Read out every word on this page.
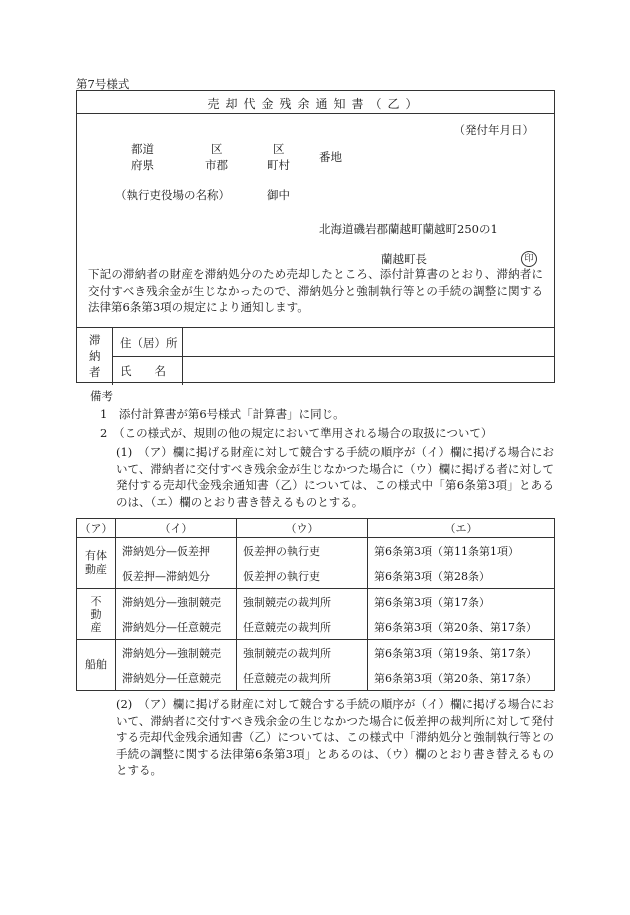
第7号様式
売却代金残余通知書（乙）
（発付年月日）
都道
府県
区
市郡
区
町村
番地
（執行吏役場の名称）	御中
北海道磯岩郡蘭越町蘭越町250の1
蘭越町長	印
滞
納
者
住（居）所
氏　　名
下記の滞納者の財産を滞納処分のため売却したところ、添付計算書のとおり、滞納者に交付すべき残余金が生じなかったので、滞納処分と強制執行等との手続の調整に関する法律第6条第3項の規定により通知します。
備考
1　添付計算書が第6号様式「計算書」に同じ。
2　（この様式が、規則の他の規定において準用される場合の取扱について）
(1)　（ア）欄に掲げる財産に対して競合する手続の順序が（イ）欄に掲げる場合において、滞納者に交付すべき残余金が生じなかつた場合に（ウ）欄に掲げる者に対して発付する売却代金残余通知書（乙）については、この様式中「第6条第3項」とあるのは、（エ）欄のとおり書き替えるものとする。
（ア）	（イ）	（ウ）	（エ）
有体
動産	滞納処分—仮差押	仮差押の執行吏	第6条第3項（第11条第1項）
	仮差押—滞納処分	仮差押の執行吏	第6条第3項（第28条）
不
動
産	滞納処分—強制競売	強制競売の裁判所	第6条第3項（第17条）
	滞納処分—任意競売	任意競売の裁判所	第6条第3項（第20条、第17条）
船舶	滞納処分—強制競売	強制競売の裁判所	第6条第3項（第19条、第17条）
	滞納処分—任意競売	任意競売の裁判所	第6条第3項（第20条、第17条）
(2)　（ア）欄に掲げる財産に対して競合する手続の順序が（イ）欄に掲げる場合において、滞納者に交付すべき残余金の生じなかつた場合に仮差押の裁判所に対して発付する売却代金残余通知書（乙）については、この様式中「滞納処分と強制執行等との手続の調整に関する法律第6条第3項」とあるのは、（ウ）欄のとおり書き替えるものとする。
